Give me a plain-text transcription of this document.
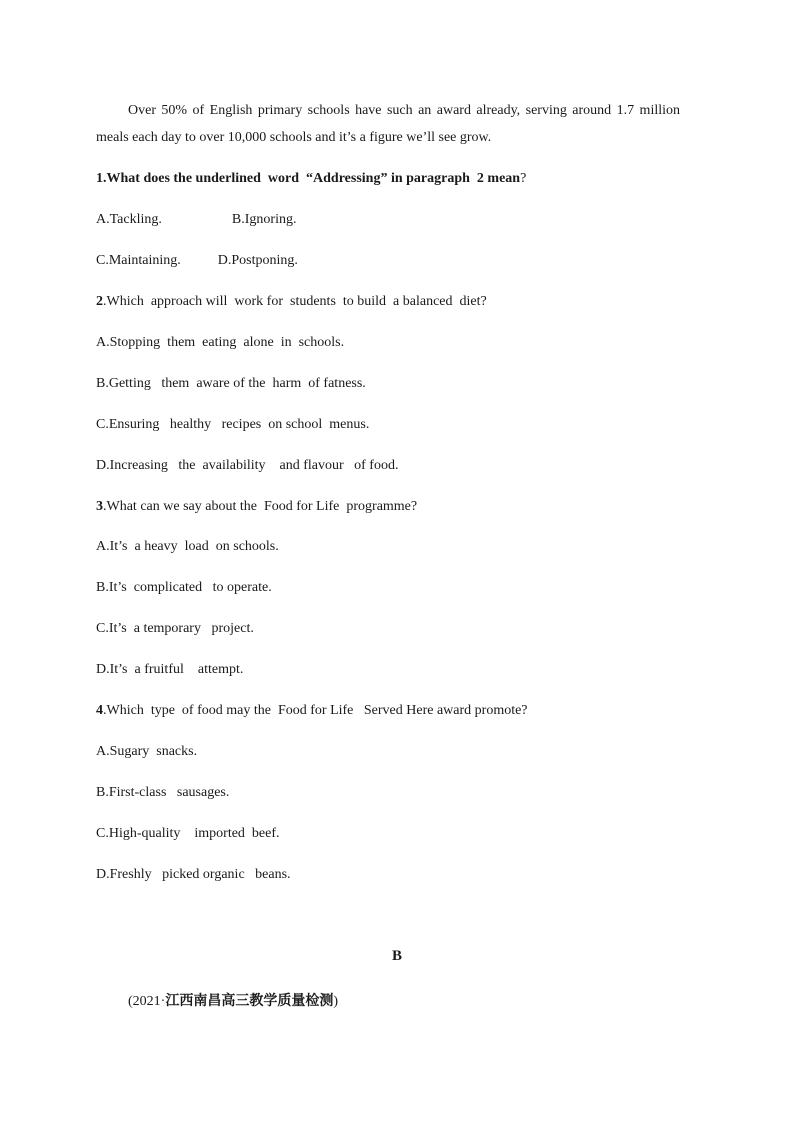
Over 50% of English primary schools have such an award already, serving around 1.7 million meals each day to over 10,000 schools and it’s a figure we’ll see grow.
1.What does the underlined  word  “Addressing” in paragraph  2 mean?
A.Tackling.	B.Ignoring.
C.Maintaining.	D.Postponing.
2.Which  approach will  work for  students  to build  a balanced  diet?
A.Stopping  them  eating  alone  in  schools.
B.Getting   them  aware of the  harm  of fatness.
C.Ensuring   healthy   recipes  on school  menus.
D.Increasing   the  availability    and flavour   of food.
3.What can we say about the  Food for Life  programme?
A.It’s  a heavy  load  on schools.
B.It’s  complicated   to operate.
C.It’s  a temporary   project.
D.It’s  a fruitful    attempt.
4.Which  type  of food may the  Food for Life   Served Here award promote?
A.Sugary  snacks.
B.First-class   sausages.
C.High-quality    imported  beef.
D.Freshly   picked organic   beans.
B
(2021·江西南昌高三教学质量检测)
